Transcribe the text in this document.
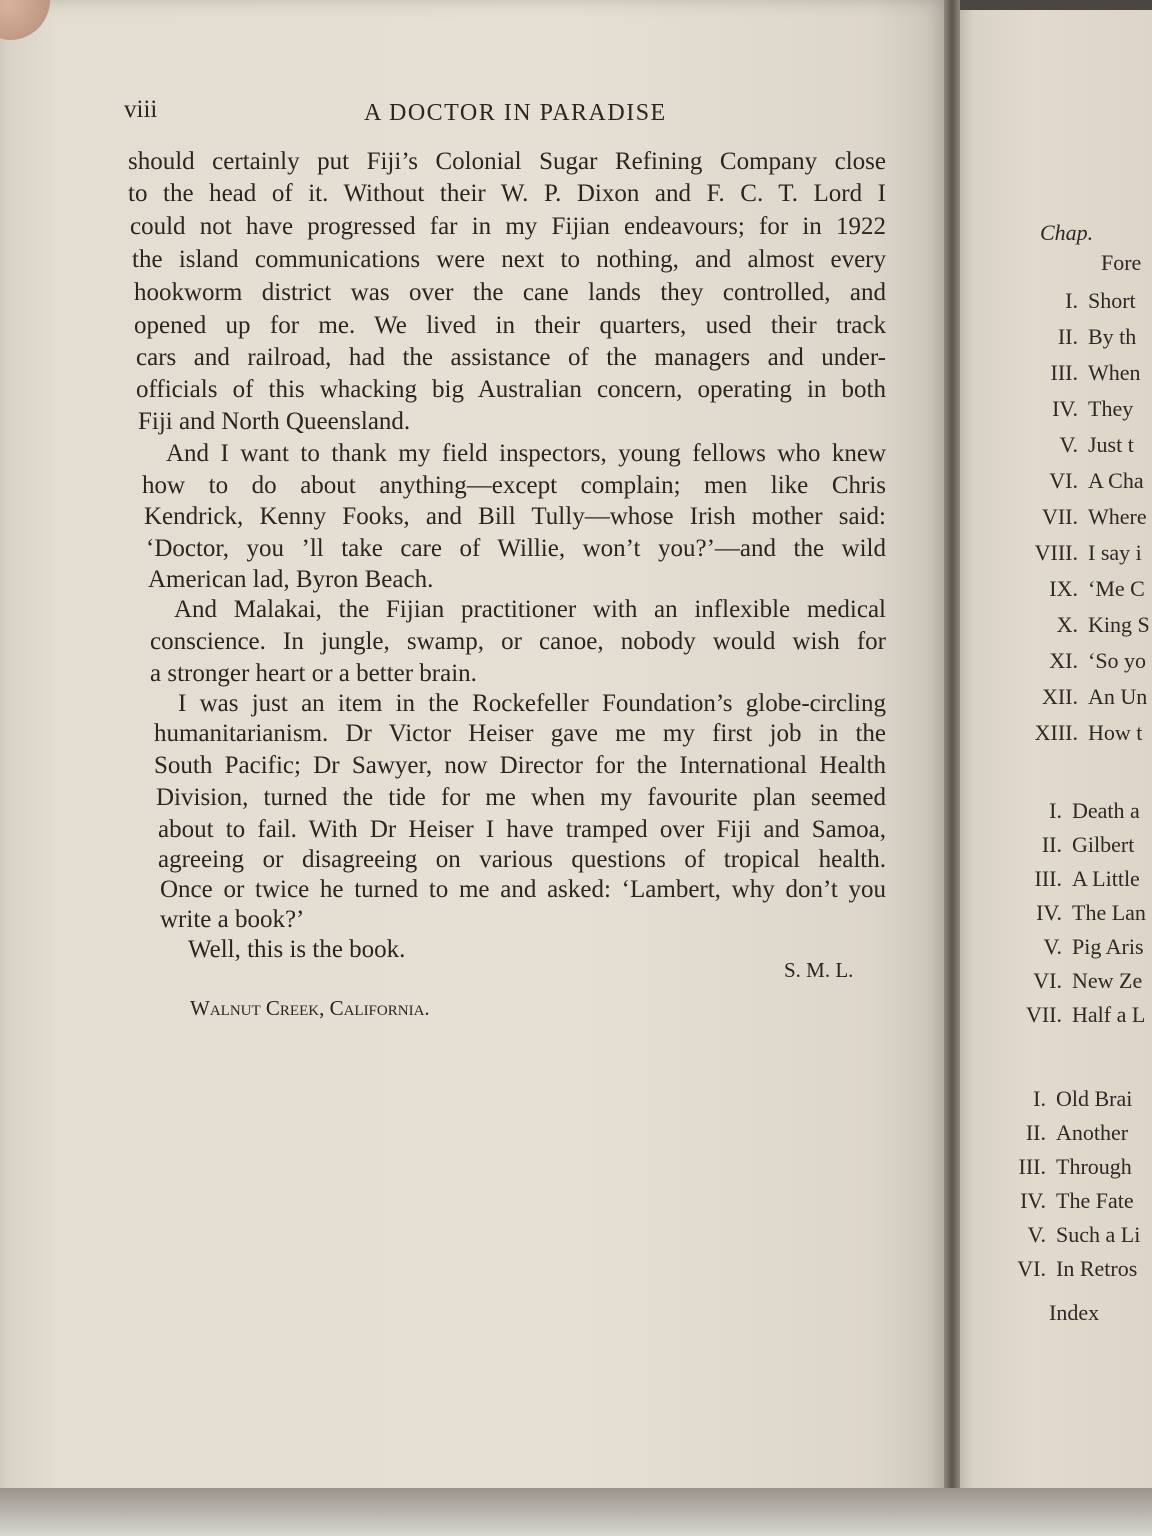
viii	A DOCTOR IN PARADISE
should certainly put Fiji’s Colonial Sugar Refining Company close
to the head of it. Without their W. P. Dixon and F. C. T. Lord I
could not have progressed far in my Fijian endeavours; for in 1922
the island communications were next to nothing, and almost every
hookworm district was over the cane lands they controlled, and
opened up for me. We lived in their quarters, used their track
cars and railroad, had the assistance of the managers and under-
officials of this whacking big Australian concern, operating in both
Fiji and North Queensland.
And I want to thank my field inspectors, young fellows who knew
how to do about anything—except complain; men like Chris
Kendrick, Kenny Fooks, and Bill Tully—whose Irish mother said:
‘Doctor, you ’ll take care of Willie, won’t you?’—and the wild
American lad, Byron Beach.
And Malakai, the Fijian practitioner with an inflexible medical
conscience. In jungle, swamp, or canoe, nobody would wish for
a stronger heart or a better brain.
I was just an item in the Rockefeller Foundation’s globe-circling
humanitarianism. Dr Victor Heiser gave me my first job in the
South Pacific; Dr Sawyer, now Director for the International Health
Division, turned the tide for me when my favourite plan seemed
about to fail. With Dr Heiser I have tramped over Fiji and Samoa,
agreeing or disagreeing on various questions of tropical health.
Once or twice he turned to me and asked: ‘Lambert, why don’t you
write a book?’
Well, this is the book.
S. M. L.
Walnut Creek, California.
Chap.
Fore
I. Short
II. By th
III. When
IV. They
V. Just t
VI. A Cha
VII. Where
VIII. I say i
IX. ‘Me C
X. King S
XI. ‘So yo
XII. An Un
XIII. How t
I. Death a
II. Gilbert
III. A Little
IV. The Lan
V. Pig Aris
VI. New Ze
VII. Half a L
I. Old Brai
II. Another
III. Through
IV. The Fate
V. Such a Li
VI. In Retros
Index
